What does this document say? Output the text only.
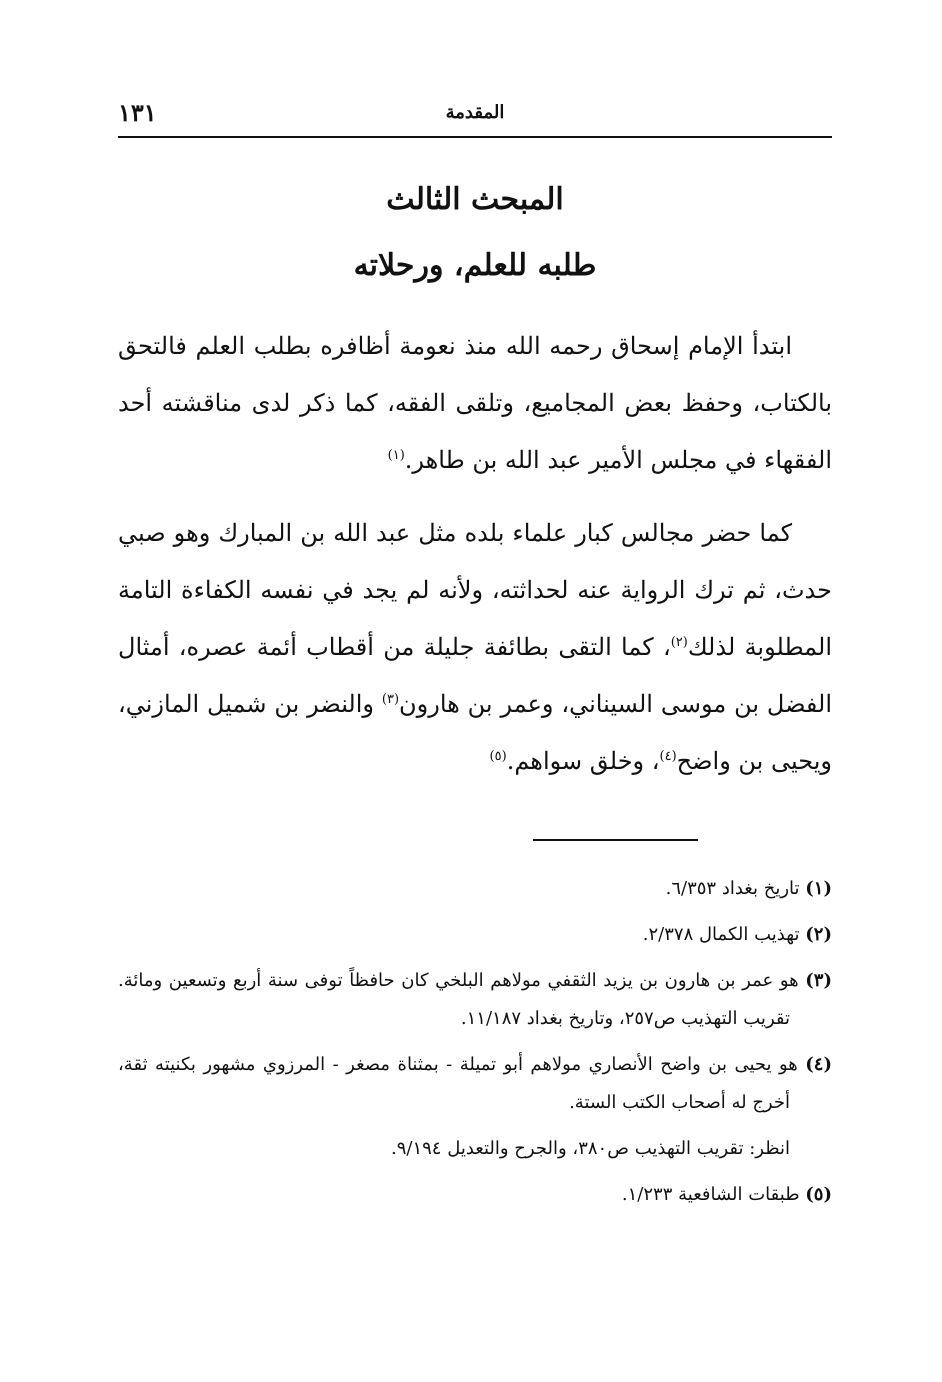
المقدمة
١٣١
المبحث الثالث
طلبه للعلم، ورحلاته

ابتدأ الإمام إسحاق رحمه الله منذ نعومة أظافره بطلب العلم فالتحق بالكتاب، وحفظ بعض المجاميع، وتلقى الفقه، كما ذكر لدى مناقشته أحد الفقهاء في مجلس الأمير عبد الله بن طاهر.$^{(١)}$

كما حضر مجالس كبار علماء بلده مثل عبد الله بن المبارك وهو صبي حدث، ثم ترك الرواية عنه لحداثته، ولأنه لم يجد في نفسه الكفاءة التامة المطلوبة لذلك$^{(٢)}$، كما التقى بطائفة جليلة من أقطاب أئمة عصره، أمثال الفضل بن موسى السيناني، وعمر بن هارون$^{(٣)}$ والنضر بن شميل المازني، ويحيى بن واضح$^{(٤)}$، وخلق سواهم.$^{(٥)}$

(١) تاريخ بغداد ٦/٣٥٣.
(٢) تهذيب الكمال ٢/٣٧٨.
(٣) هو عمر بن هارون بن يزيد الثقفي مولاهم البلخي كان حافظاً توفى سنة أربع وتسعين ومائة. تقريب التهذيب ص٢٥٧، وتاريخ بغداد ١١/١٨٧.
(٤) هو يحيى بن واضح الأنصاري مولاهم أبو تميلة - بمثناة مصغر - المرزوي مشهور بكنيته ثقة، أخرج له أصحاب الكتب الستة.
انظر: تقريب التهذيب ص٣٨٠، والجرح والتعديل ٩/١٩٤.
(٥) طبقات الشافعية ١/٢٣٣.
